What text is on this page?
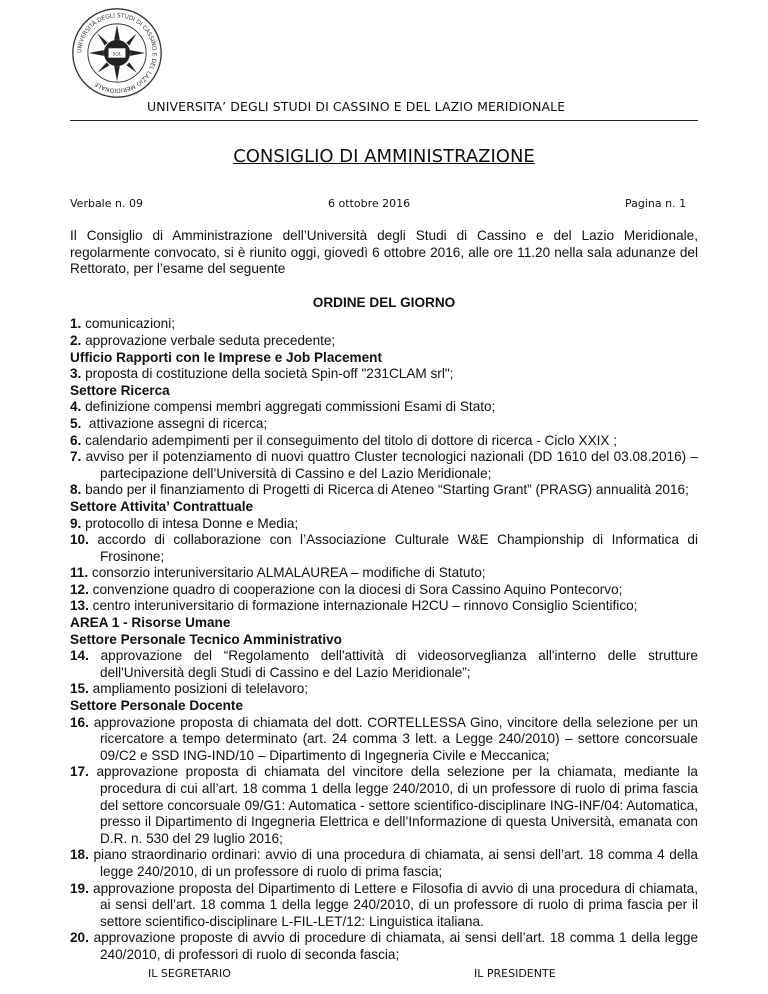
UNIVERSITÀ DEGLI STUDI DI CASSINO E DEL LAZIO MERIDIONALE
SOL
UNIVERSITA’ DEGLI STUDI DI CASSINO E DEL LAZIO MERIDIONALE
CONSIGLIO DI AMMINISTRAZIONE
Verbale n. 09	6 ottobre 2016	Pagina n. 1

Il Consiglio di Amministrazione dell’Università degli Studi di Cassino e del Lazio Meridionale, regolarmente convocato, si è riunito oggi, giovedì 6 ottobre 2016, alle ore 11.20 nella sala adunanze del Rettorato, per l’esame del seguente

ORDINE DEL GIORNO
1. comunicazioni;
2. approvazione verbale seduta precedente;
Ufficio Rapporti con le Imprese e Job Placement
3. proposta di costituzione della società Spin-off "231CLAM srl";
Settore Ricerca
4. definizione compensi membri aggregati commissioni Esami di Stato;
5.  attivazione assegni di ricerca;
6. calendario adempimenti per il conseguimento del titolo di dottore di ricerca - Ciclo XXIX ;
7. avviso per il potenziamento di nuovi quattro Cluster tecnologici nazionali (DD 1610 del 03.08.2016) – partecipazione dell’Università di Cassino e del Lazio Meridionale;
8. bando per il finanziamento di Progetti di Ricerca di Ateneo “Starting Grant” (PRASG) annualità 2016;
Settore Attivita’ Contrattuale
9. protocollo di intesa Donne e Media;
10. accordo di collaborazione con l’Associazione Culturale W&E Championship di Informatica di Frosinone;
11. consorzio interuniversitario ALMALAUREA – modifiche di Statuto;
12. convenzione quadro di cooperazione con la diocesi di Sora Cassino Aquino Pontecorvo;
13. centro interuniversitario di formazione internazionale H2CU – rinnovo Consiglio Scientifico;
AREA 1 - Risorse Umane
Settore Personale Tecnico Amministrativo
14. approvazione del “Regolamento dell'attività di videosorveglianza all'interno delle strutture dell'Università degli Studi di Cassino e del Lazio Meridionale”;
15. ampliamento posizioni di telelavoro;
Settore Personale Docente
16. approvazione proposta di chiamata del dott. CORTELLESSA Gino, vincitore della selezione per un ricercatore a tempo determinato (art. 24 comma 3 lett. a Legge 240/2010) – settore concorsuale 09/C2 e SSD ING-IND/10 – Dipartimento di Ingegneria Civile e Meccanica;
17. approvazione proposta di chiamata del vincitore della selezione per la chiamata, mediante la procedura di cui all’art. 18 comma 1 della legge 240/2010, di un professore di ruolo di prima fascia del settore concorsuale 09/G1: Automatica - settore scientifico-disciplinare ING-INF/04: Automatica, presso il Dipartimento di Ingegneria Elettrica e dell’Informazione di questa Università, emanata con D.R. n. 530 del 29 luglio 2016;
18. piano straordinario ordinari: avvio di una procedura di chiamata, ai sensi dell’art. 18 comma 4 della legge 240/2010, di un professore di ruolo di prima fascia;
19. approvazione proposta del Dipartimento di Lettere e Filosofia di avvio di una procedura di chiamata, ai sensi dell’art. 18 comma 1 della legge 240/2010, di un professore di ruolo di prima fascia per il settore scientifico-disciplinare L-FIL-LET/12: Linguistica italiana.
20. approvazione proposte di avvio di procedure di chiamata, ai sensi dell’art. 18 comma 1 della legge 240/2010, di professori di ruolo di seconda fascia;
IL SEGRETARIO	IL PRESIDENTE
